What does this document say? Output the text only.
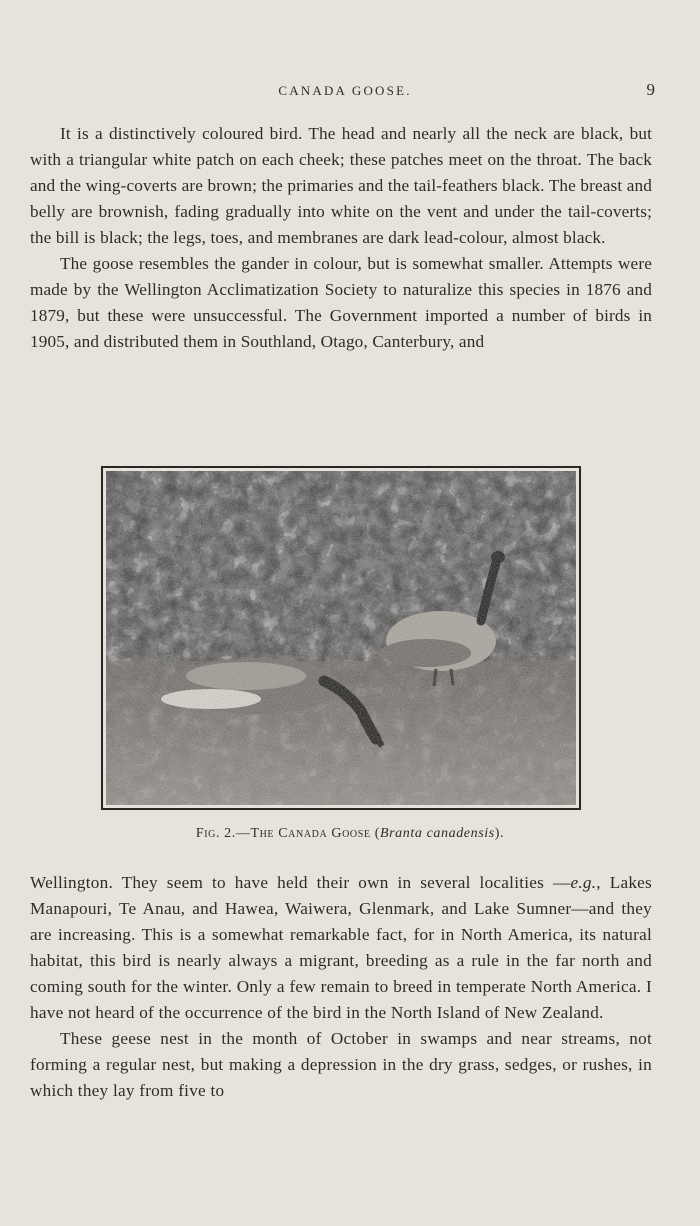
CANADA GOOSE.	9

It is a distinctively coloured bird. The head and nearly all the neck are black, but with a triangular white patch on each cheek; these patches meet on the throat. The back and the wing-coverts are brown; the primaries and the tail-feathers black. The breast and belly are brownish, fading gradually into white on the vent and under the tail-coverts; the bill is black; the legs, toes, and membranes are dark lead-colour, almost black.

The goose resembles the gander in colour, but is somewhat smaller. Attempts were made by the Wellington Acclimatization Society to naturalize this species in 1876 and 1879, but these were unsuccessful. The Government imported a number of birds in 1905, and distributed them in Southland, Otago, Canterbury, and

Fig. 2.—The Canada Goose (Branta canadensis).

Wellington. They seem to have held their own in several localities —e.g., Lakes Manapouri, Te Anau, and Hawea, Waiwera, Glenmark, and Lake Sumner—and they are increasing. This is a somewhat remarkable fact, for in North America, its natural habitat, this bird is nearly always a migrant, breeding as a rule in the far north and coming south for the winter. Only a few remain to breed in temperate North America. I have not heard of the occurrence of the bird in the North Island of New Zealand.

These geese nest in the month of October in swamps and near streams, not forming a regular nest, but making a depression in the dry grass, sedges, or rushes, in which they lay from five to
